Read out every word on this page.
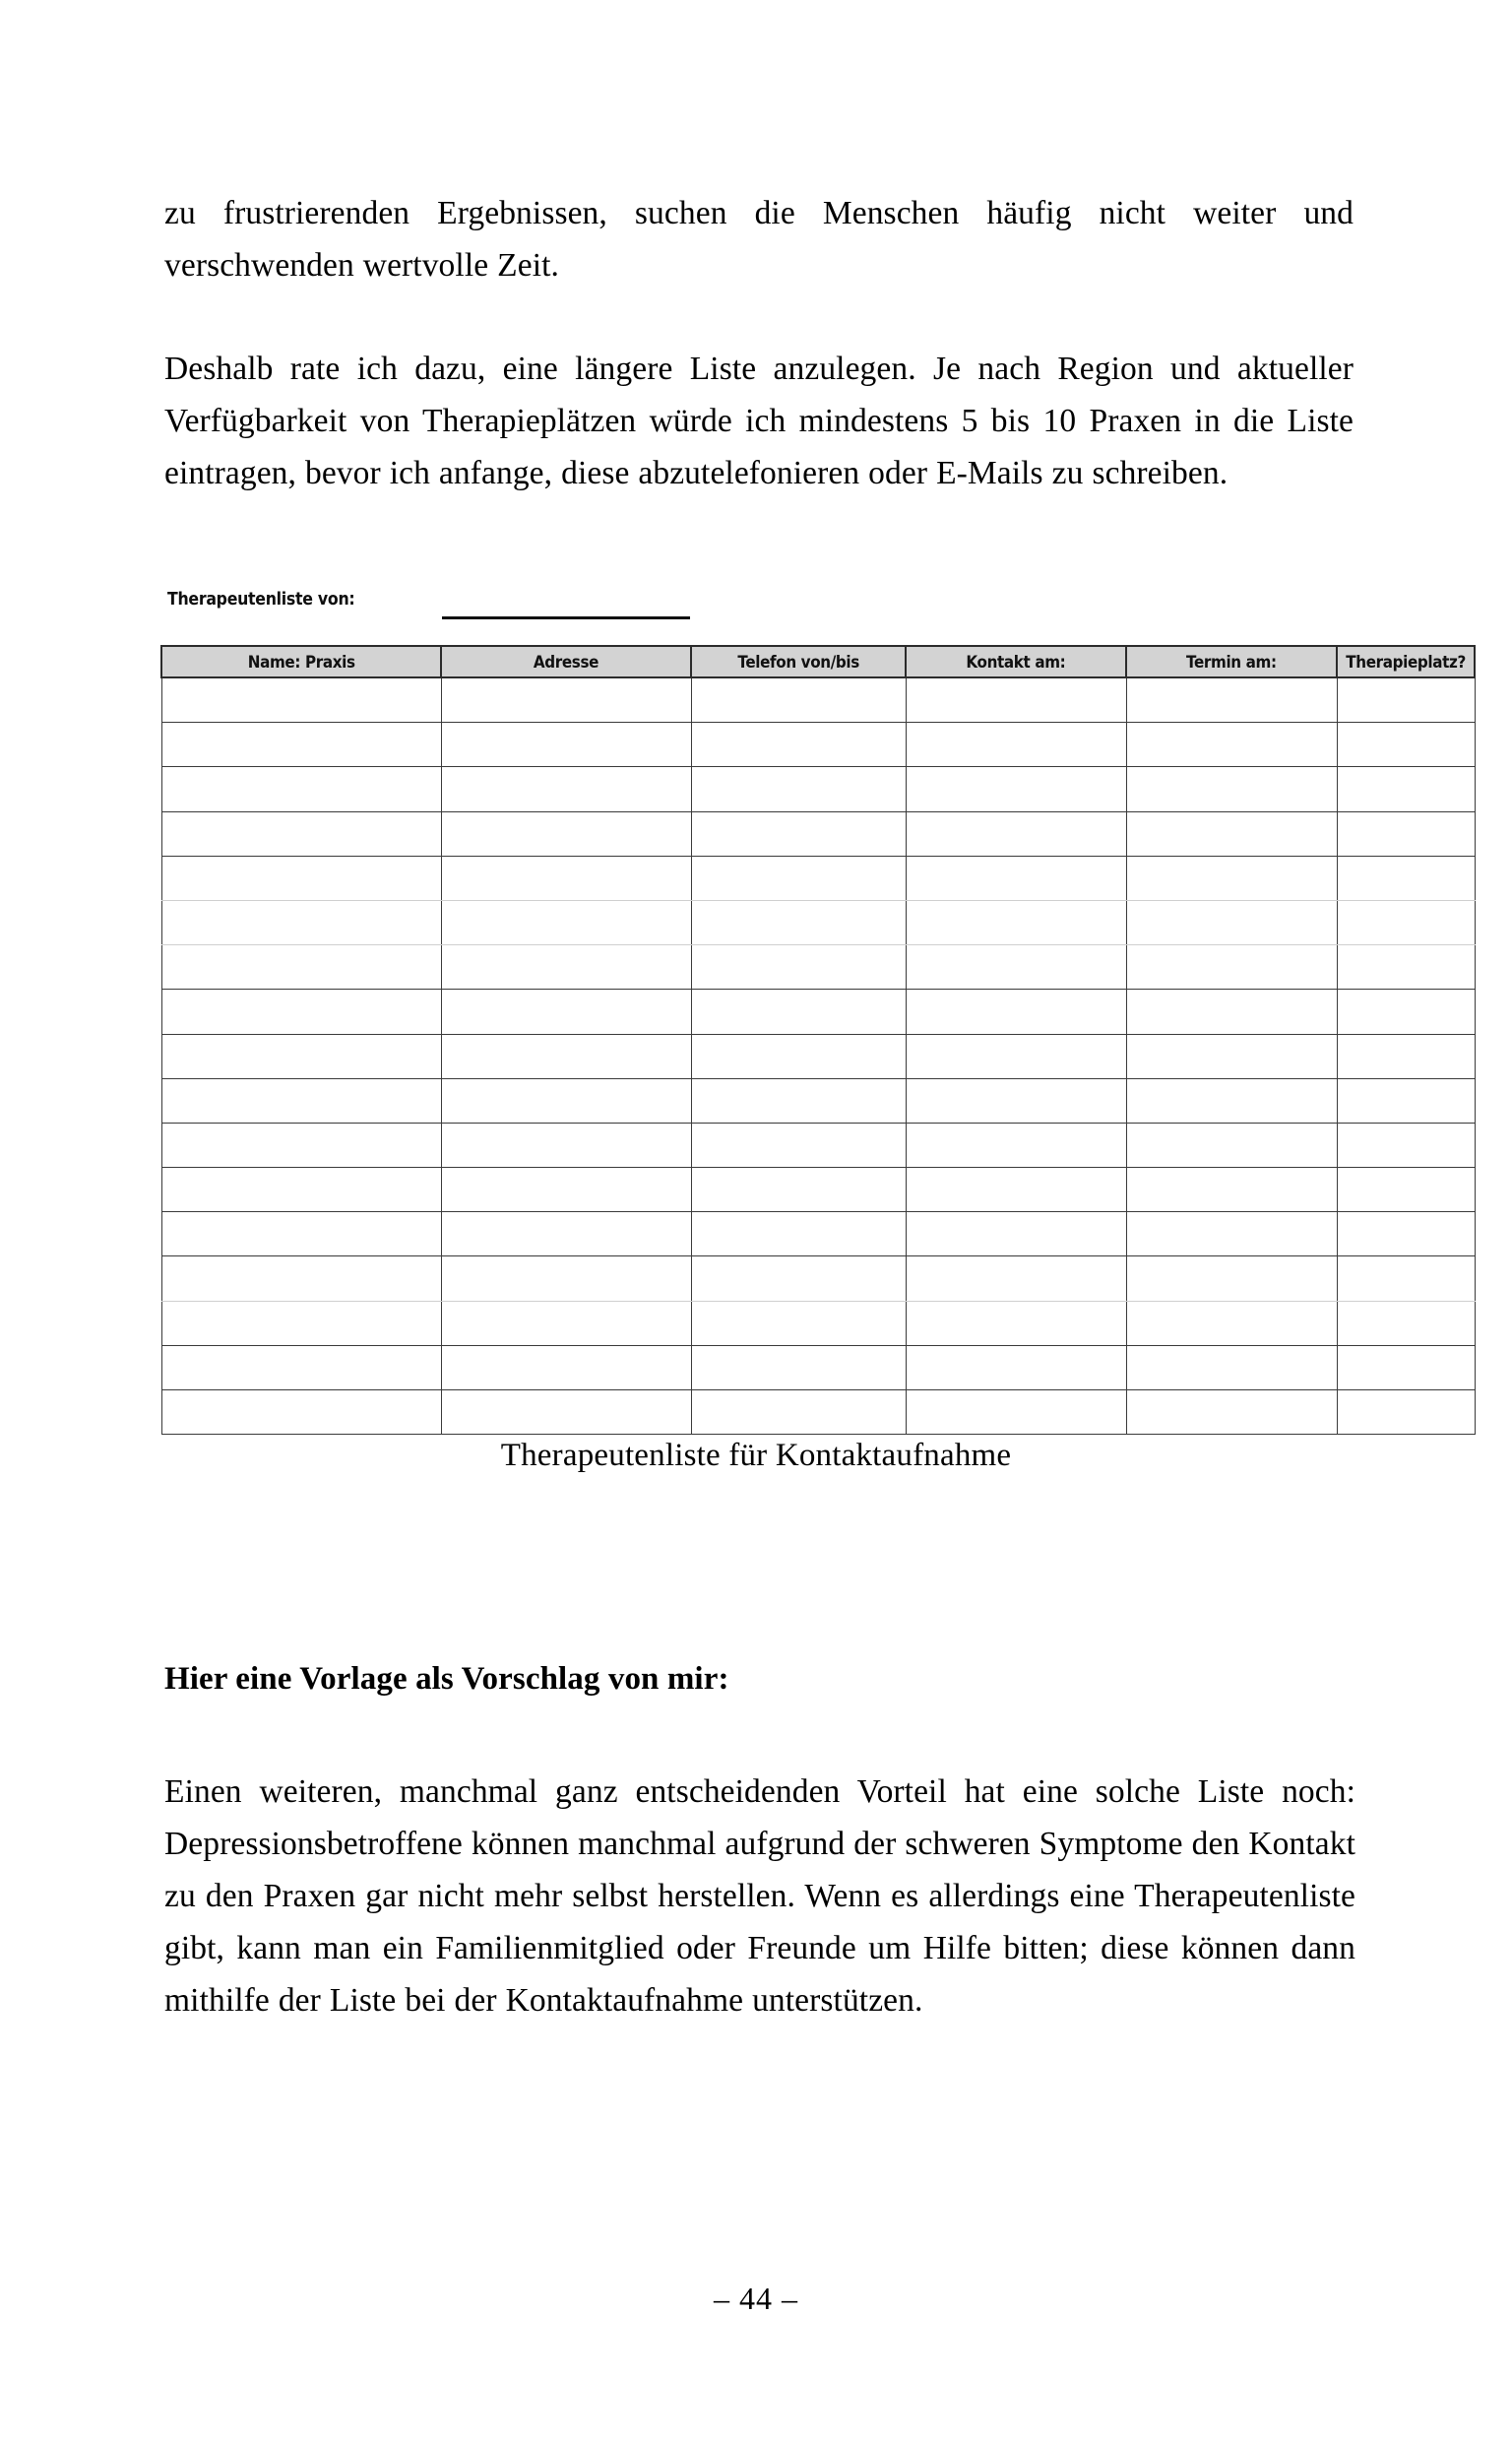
zu frustrierenden Ergebnissen, suchen die Menschen häufig nicht weiter und verschwenden wertvolle Zeit.

Deshalb rate ich dazu, eine längere Liste anzulegen. Je nach Region und aktueller Verfügbarkeit von Therapieplätzen würde ich mindestens 5 bis 10 Praxen in die Liste eintragen, bevor ich anfange, diese abzutelefonieren oder E-Mails zu schreiben.

Therapeutenliste von:
Name: Praxis	Adresse	Telefon von/bis	Kontakt am:	Termin am:	Therapieplatz?

Therapeutenliste für Kontaktaufnahme
Hier eine Vorlage als Vorschlag von mir:

Einen weiteren, manchmal ganz entscheidenden Vorteil hat eine solche Liste noch: Depressionsbetroffene können manchmal aufgrund der schweren Symptome den Kontakt zu den Praxen gar nicht mehr selbst herstellen. Wenn es allerdings eine Therapeutenliste gibt, kann man ein Familienmitglied oder Freunde um Hilfe bitten; diese können dann mithilfe der Liste bei der Kontaktaufnahme unterstützen.

– 44 –
